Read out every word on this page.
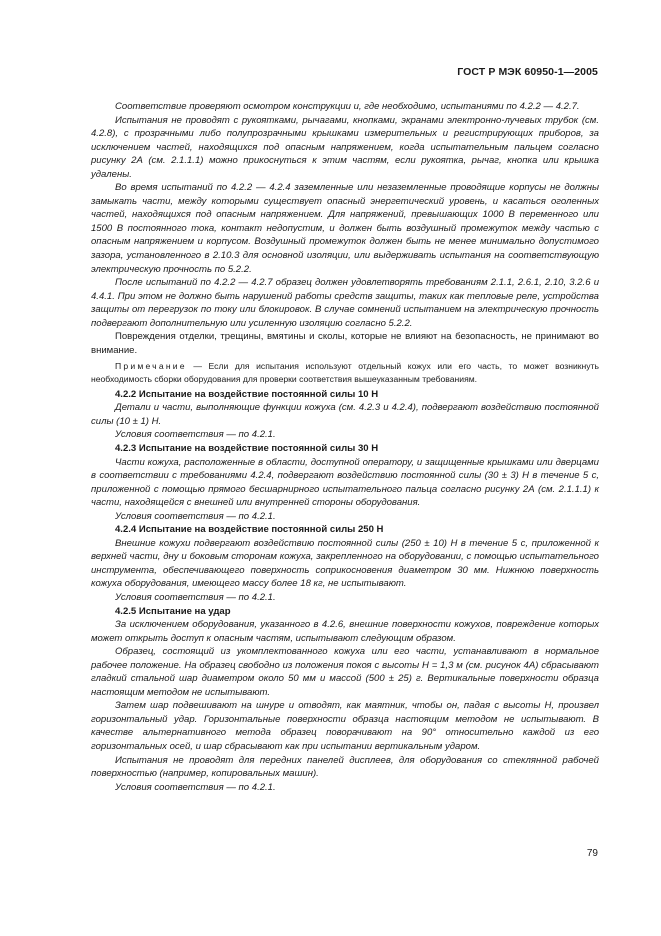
ГОСТ Р МЭК 60950-1—2005

Соответствие проверяют осмотром конструкции и, где необходимо, испытаниями по 4.2.2 — 4.2.7.

Испытания не проводят с рукоятками, рычагами, кнопками, экранами электронно-лучевых трубок (см. 4.2.8), с прозрачными либо полупрозрачными крышками измерительных и регистрирующих приборов, за исключением частей, находящихся под опасным напряжением, когда испытательным пальцем согласно рисунку 2А (см. 2.1.1.1) можно прикоснуться к этим частям, если рукоятка, рычаг, кнопка или крышка удалены.

Во время испытаний по 4.2.2 — 4.2.4 заземленные или незаземленные проводящие корпусы не должны замыкать части, между которыми существует опасный энергетический уровень, и касаться оголенных частей, находящихся под опасным напряжением. Для напряжений, превышающих 1000 В переменного или 1500 В постоянного тока, контакт недопустим, и должен быть воздушный промежуток между частью с опасным напряжением и корпусом. Воздушный промежуток должен быть не менее минимально допустимого зазора, установленного в 2.10.3 для основной изоляции, или выдерживать испытания на соответствующую электрическую прочность по 5.2.2.

После испытаний по 4.2.2 — 4.2.7 образец должен удовлетворять требованиям 2.1.1, 2.6.1, 2.10, 3.2.6 и 4.4.1. При этом не должно быть нарушений работы средств защиты, таких как тепловые реле, устройства защиты от перегрузок по току или блокировок. В случае сомнений испытанием на электрическую прочность подвергают дополнительную или усиленную изоляцию согласно 5.2.2.

Повреждения отделки, трещины, вмятины и сколы, которые не влияют на безопасность, не принимают во внимание.

Примечание — Если для испытания используют отдельный кожух или его часть, то может возникнуть необходимость сборки оборудования для проверки соответствия вышеуказанным требованиям.

4.2.2 Испытание на воздействие постоянной силы 10 Н

Детали и части, выполняющие функции кожуха (см. 4.2.3 и 4.2.4), подвергают воздействию постоянной силы (10 ± 1) Н.

Условия соответствия — по 4.2.1.

4.2.3 Испытание на воздействие постоянной силы 30 Н

Части кожуха, расположенные в области, доступной оператору, и защищенные крышками или дверцами в соответствии с требованиями 4.2.4, подвергают воздействию постоянной силы (30 ± 3) Н в течение 5 с, приложенной с помощью прямого бесшарнирного испытательного пальца согласно рисунку 2А (см. 2.1.1.1) к части, находящейся с внешней или внутренней стороны оборудования.

Условия соответствия — по 4.2.1.

4.2.4 Испытание на воздействие постоянной силы 250 Н

Внешние кожухи подвергают воздействию постоянной силы (250 ± 10) Н в течение 5 с, приложенной к верхней части, дну и боковым сторонам кожуха, закрепленного на оборудовании, с помощью испытательного инструмента, обеспечивающего поверхность соприкосновения диаметром 30 мм. Нижнюю поверхность кожуха оборудования, имеющего массу более 18 кг, не испытывают.

Условия соответствия — по 4.2.1.

4.2.5 Испытание на удар

За исключением оборудования, указанного в 4.2.6, внешние поверхности кожухов, повреждение которых может открыть доступ к опасным частям, испытывают следующим образом.

Образец, состоящий из укомплектованного кожуха или его части, устанавливают в нормальное рабочее положение. На образец свободно из положения покоя с высоты Н = 1,3 м (см. рисунок 4А) сбрасывают гладкий стальной шар диаметром около 50 мм и массой (500 ± 25) г. Вертикальные поверхности образца настоящим методом не испытывают.

Затем шар подвешивают на шнуре и отводят, как маятник, чтобы он, падая с высоты Н, произвел горизонтальный удар. Горизонтальные поверхности образца настоящим методом не испытывают. В качестве альтернативного метода образец поворачивают на 90° относительно каждой из его горизонтальных осей, и шар сбрасывают как при испытании вертикальным ударом.

Испытания не проводят для передних панелей дисплеев, для оборудования со стеклянной рабочей поверхностью (например, копировальных машин).

Условия соответствия — по 4.2.1.

79
